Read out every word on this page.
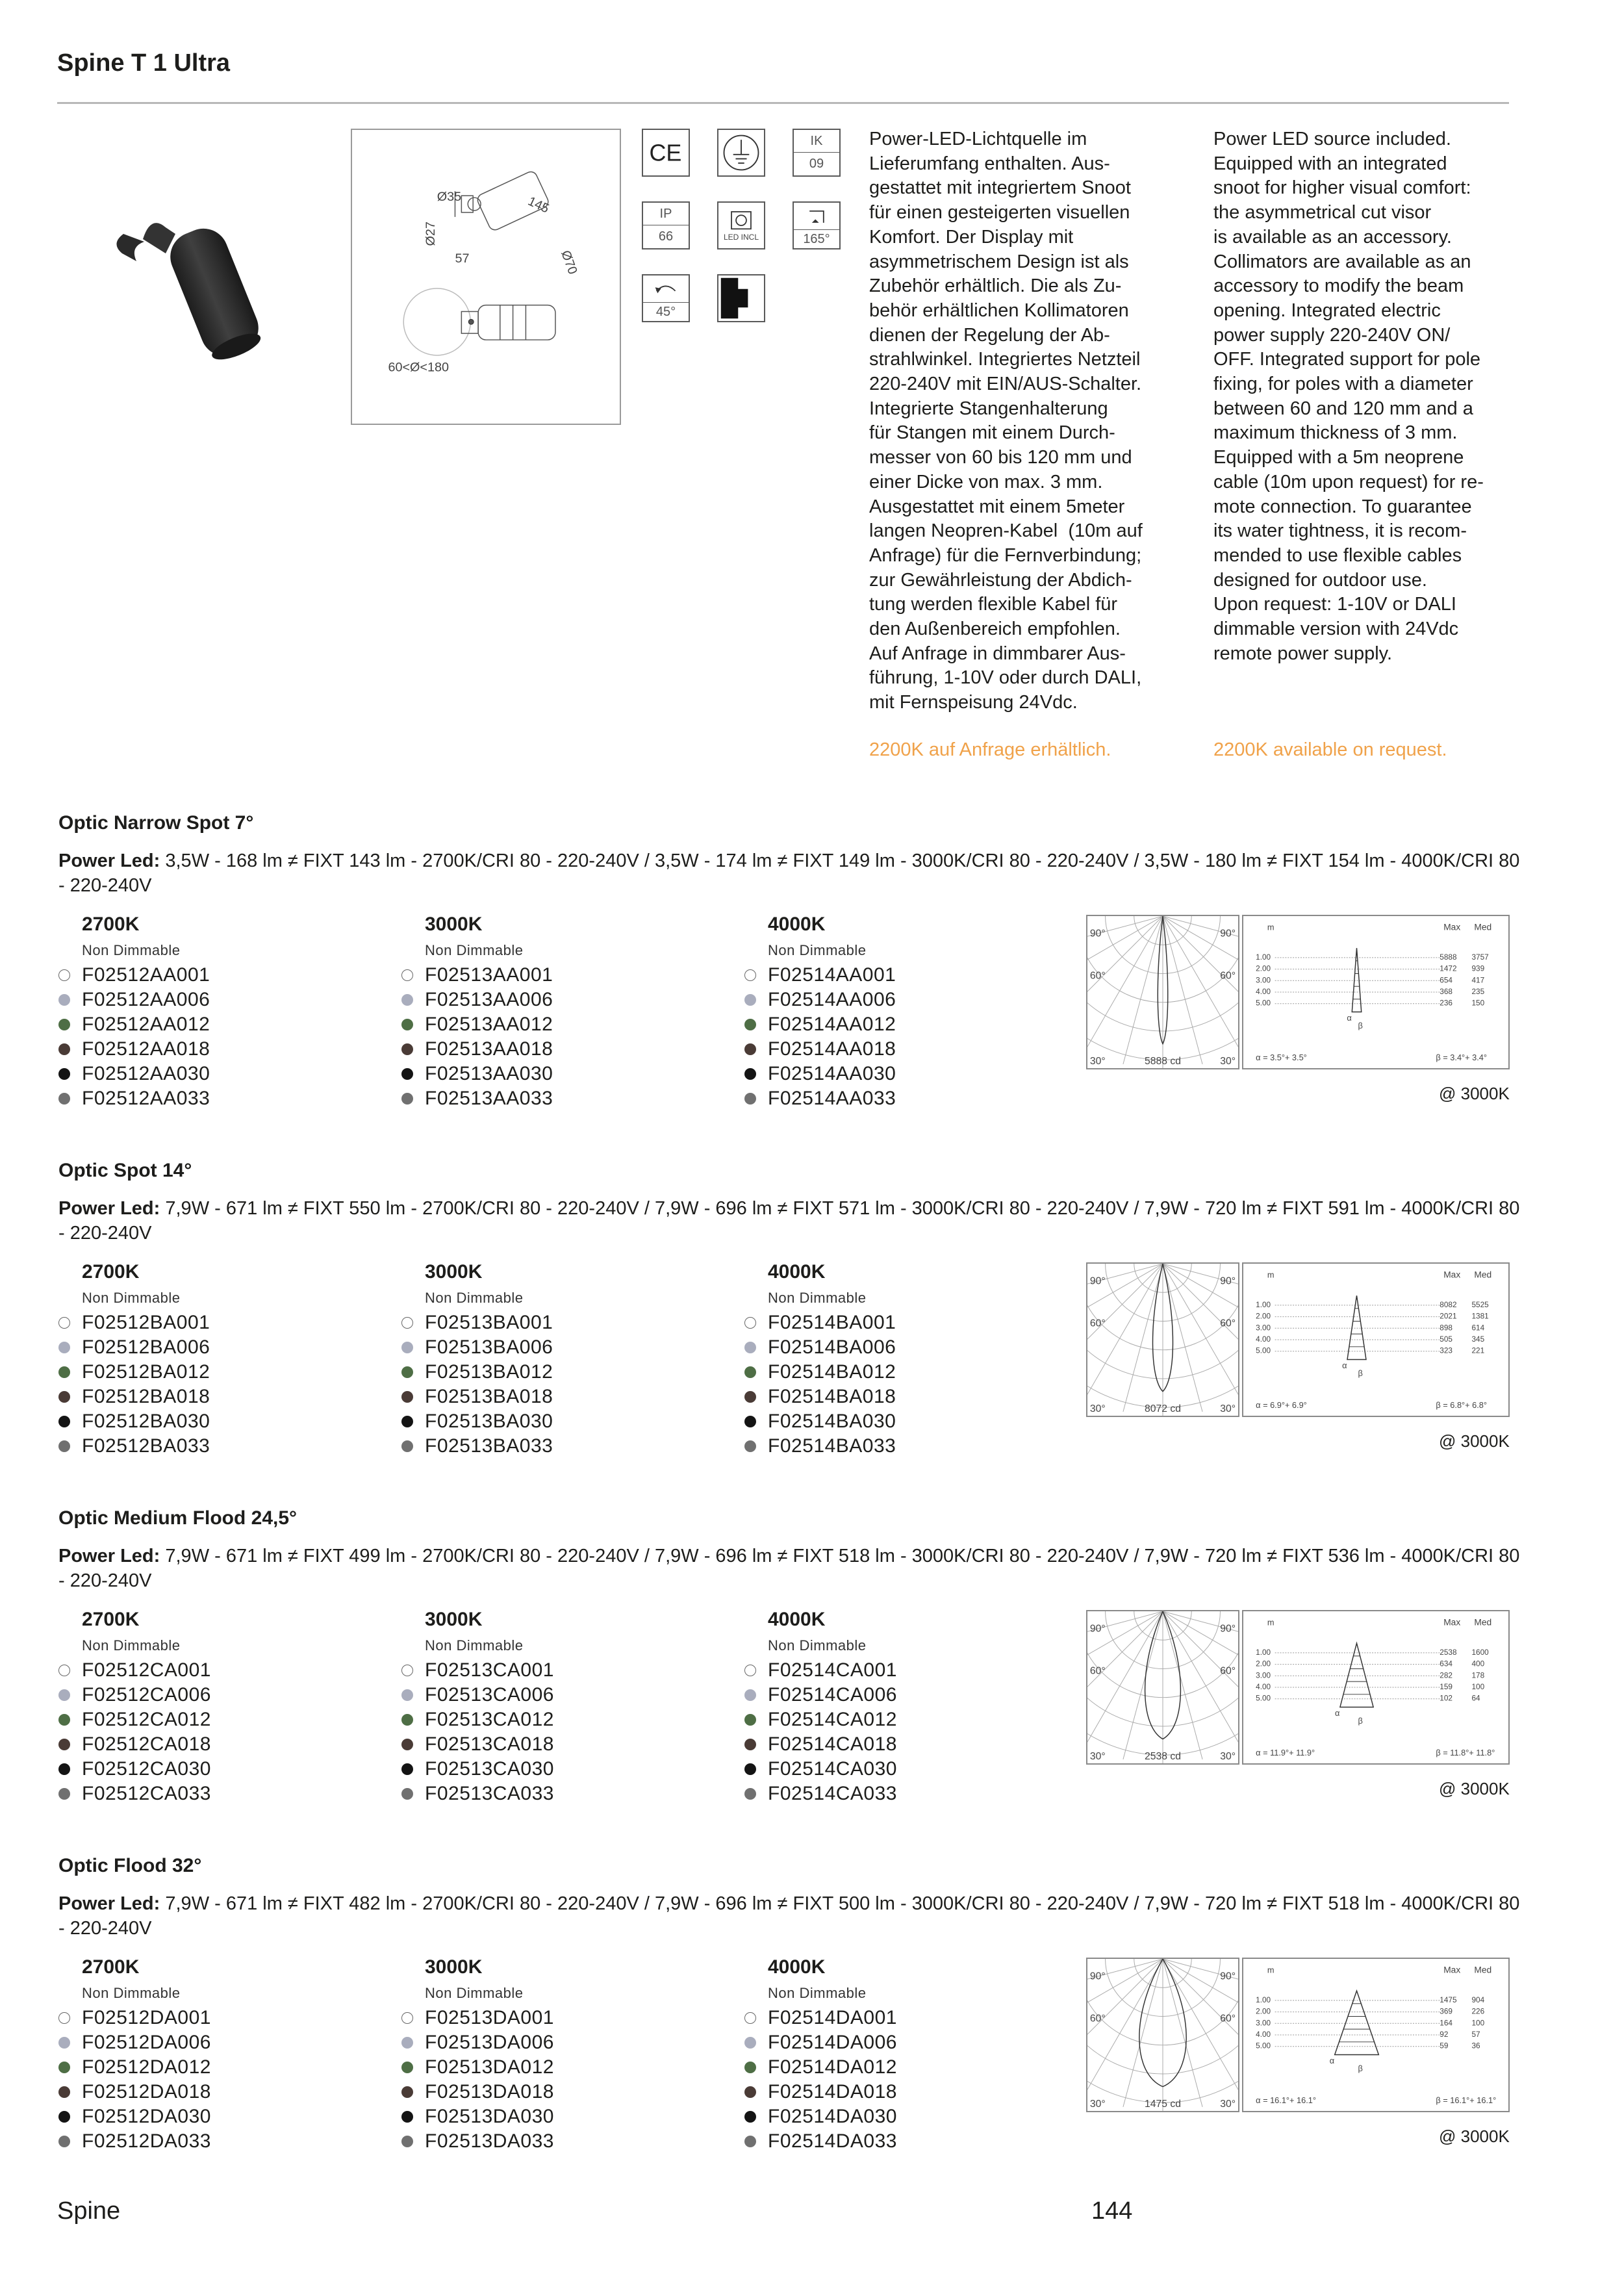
Spine T 1 Ultra
Ø35	145
Ø27
57	Ø70
60<Ø<180
CE	IK
09
IP
66	LED INCL	165°
45°
Power-LED-Lichtquelle im
Lieferumfang enthalten. Aus-
gestattet mit integriertem Snoot
für einen gesteigerten visuellen
Komfort. Der Display mit
asymmetrischem Design ist als
Zubehör erhältlich. Die als Zu-
behör erhältlichen Kollimatoren
dienen der Regelung der Ab-
strahlwinkel. Integriertes Netzteil
220-240V mit EIN/AUS-Schalter.
Integrierte Stangenhalterung
für Stangen mit einem Durch-
messer von 60 bis 120 mm und
einer Dicke von max. 3 mm.
Ausgestattet mit einem 5meter
langen Neopren-Kabel  (10m auf
Anfrage) für die Fernverbindung;
zur Gewährleistung der Abdich-
tung werden flexible Kabel für
den Außenbereich empfohlen.
Auf Anfrage in dimmbarer Aus-
führung, 1-10V oder durch DALI,
mit Fernspeisung 24Vdc.
Power LED source included.
Equipped with an integrated
snoot for higher visual comfort:
the asymmetrical cut visor
is available as an accessory.
Collimators are available as an
accessory to modify the beam
opening. Integrated electric
power supply 220-240V ON/
OFF. Integrated support for pole
fixing, for poles with a diameter
between 60 and 120 mm and a
maximum thickness of 3 mm.
Equipped with a 5m neoprene
cable (10m upon request) for re-
mote connection. To guarantee
its water tightness, it is recom-
mended to use flexible cables
designed for outdoor use.
Upon request: 1-10V or DALI
dimmable version with 24Vdc
remote power supply.
2200K auf Anfrage erhältlich.	2200K available on request.
Optic Narrow Spot 7°
Power Led: 3,5W - 168 lm ≠ FIXT 143 lm - 2700K/CRI 80 - 220-240V / 3,5W - 174 lm ≠ FIXT 149 lm - 3000K/CRI 80 - 220-240V / 3,5W - 180 lm ≠ FIXT 154 lm - 4000K/CRI 80 - 220-240V
2700K
Non Dimmable
F02512AA001
F02512AA006
F02512AA012
F02512AA018
F02512AA030
F02512AA033
3000K
Non Dimmable
F02513AA001
F02513AA006
F02513AA012
F02513AA018
F02513AA030
F02513AA033
4000K
Non Dimmable
F02514AA001
F02514AA006
F02514AA012
F02514AA018
F02514AA030
F02514AA033
90°	90°
60°	60°
30°	30°
5888 cd
m	Max Med
1.00	5888 3757
2.00	1472 939
3.00	654 417
4.00	368 235
5.00	236 150
α
β
α = 3.5°+ 3.5°	β = 3.4°+ 3.4°
@ 3000K
Optic Spot 14°
Power Led: 7,9W - 671 lm ≠ FIXT 550 lm - 2700K/CRI 80 - 220-240V / 7,9W - 696 lm ≠ FIXT 571 lm - 3000K/CRI 80 - 220-240V / 7,9W - 720 lm ≠ FIXT 591 lm - 4000K/CRI 80 - 220-240V
2700K
Non Dimmable
F02512BA001
F02512BA006
F02512BA012
F02512BA018
F02512BA030
F02512BA033
3000K
Non Dimmable
F02513BA001
F02513BA006
F02513BA012
F02513BA018
F02513BA030
F02513BA033
4000K
Non Dimmable
F02514BA001
F02514BA006
F02514BA012
F02514BA018
F02514BA030
F02514BA033
90°	90°
60°	60°
30°	30°
8072 cd
m	Max Med
1.00	8082 5525
2.00	2021 1381
3.00	898 614
4.00	505 345
5.00	323 221
α
β
α = 6.9°+ 6.9°	β = 6.8°+ 6.8°
@ 3000K
Optic Medium Flood 24,5°
Power Led: 7,9W - 671 lm ≠ FIXT 499 lm - 2700K/CRI 80 - 220-240V / 7,9W - 696 lm ≠ FIXT 518 lm - 3000K/CRI 80 - 220-240V / 7,9W - 720 lm ≠ FIXT 536 lm - 4000K/CRI 80 - 220-240V
2700K
Non Dimmable
F02512CA001
F02512CA006
F02512CA012
F02512CA018
F02512CA030
F02512CA033
3000K
Non Dimmable
F02513CA001
F02513CA006
F02513CA012
F02513CA018
F02513CA030
F02513CA033
4000K
Non Dimmable
F02514CA001
F02514CA006
F02514CA012
F02514CA018
F02514CA030
F02514CA033
90°	90°
60°	60°
30°	30°
2538 cd
m	Max Med
1.00	2538 1600
2.00	634 400
3.00	282 178
4.00	159 100
5.00	102 64
α
β
α = 11.9°+ 11.9°	β = 11.8°+ 11.8°
@ 3000K
Optic Flood 32°
Power Led: 7,9W - 671 lm ≠ FIXT 482 lm - 2700K/CRI 80 - 220-240V / 7,9W - 696 lm ≠ FIXT 500 lm - 3000K/CRI 80 - 220-240V / 7,9W - 720 lm ≠ FIXT 518 lm - 4000K/CRI 80 - 220-240V
2700K
Non Dimmable
F02512DA001
F02512DA006
F02512DA012
F02512DA018
F02512DA030
F02512DA033
3000K
Non Dimmable
F02513DA001
F02513DA006
F02513DA012
F02513DA018
F02513DA030
F02513DA033
4000K
Non Dimmable
F02514DA001
F02514DA006
F02514DA012
F02514DA018
F02514DA030
F02514DA033
90°	90°
60°	60°
30°	30°
1475 cd
m	Max Med
1.00	1475 904
2.00	369 226
3.00	164 100
4.00	92	57
5.00	59	36
α
β
α = 16.1°+ 16.1°	β = 16.1°+ 16.1°
@ 3000K
Spine	144
